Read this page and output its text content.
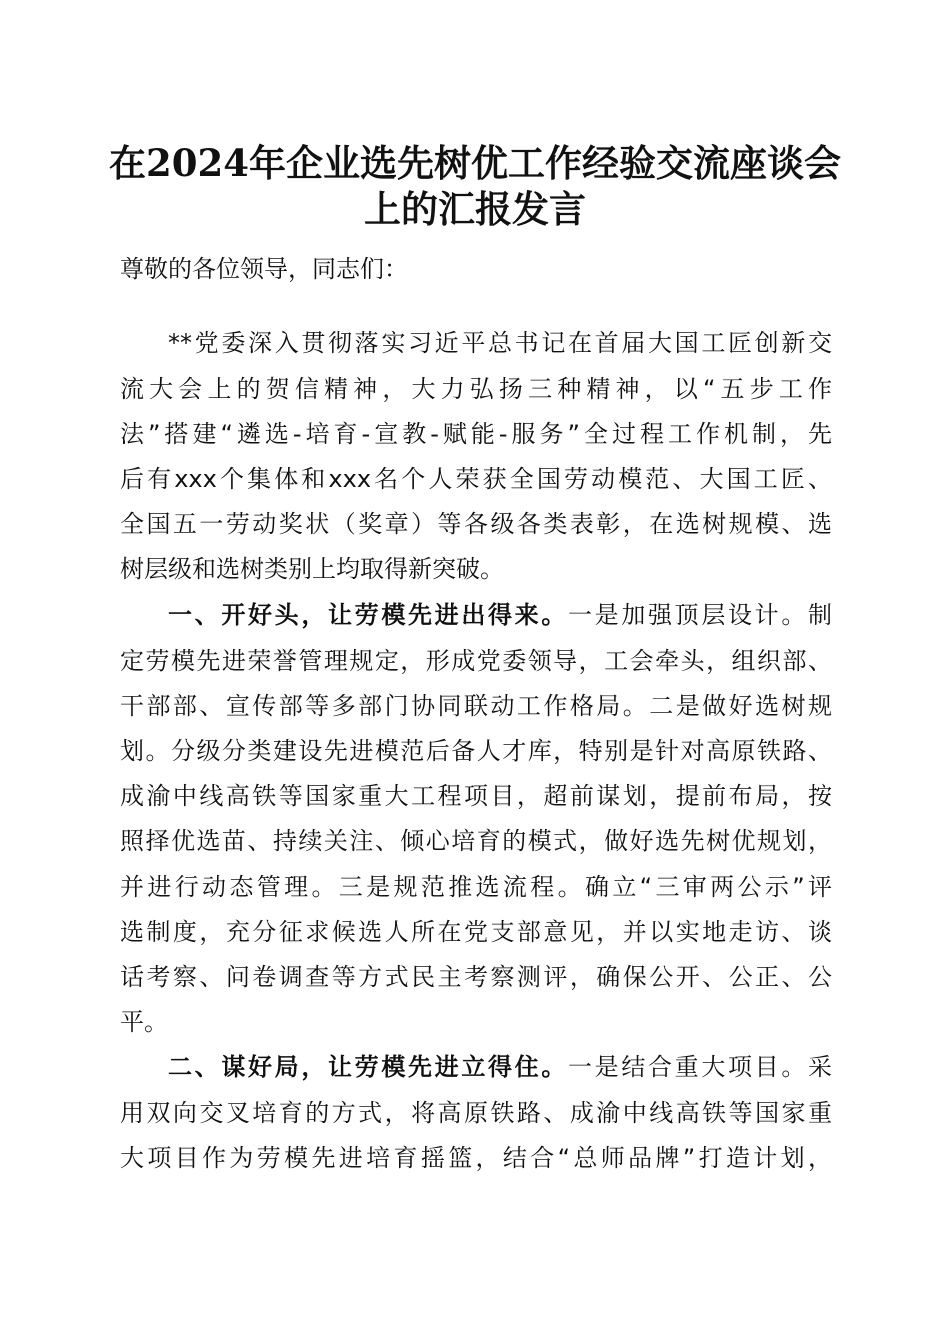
在2024年企业选先树优工作经验交流座谈会
上的汇报发言
尊敬的各位领导，同志们：
**党委深入贯彻落实习近平总书记在首届大国工匠创新交
流大会上的贺信精神，大力弘扬三种精神，以“五步工作
法”搭建“遴选-培育-宣教-赋能-服务”全过程工作机制，先
后有xxx个集体和xxx名个人荣获全国劳动模范、大国工匠、
全国五一劳动奖状（奖章）等各级各类表彰，在选树规模、选
树层级和选树类别上均取得新突破。
一、开好头，让劳模先进出得来。一是加强顶层设计。制
定劳模先进荣誉管理规定，形成党委领导，工会牵头，组织部、
干部部、宣传部等多部门协同联动工作格局。二是做好选树规
划。分级分类建设先进模范后备人才库，特别是针对高原铁路、
成渝中线高铁等国家重大工程项目，超前谋划，提前布局，按
照择优选苗、持续关注、倾心培育的模式，做好选先树优规划，
并进行动态管理。三是规范推选流程。确立“三审两公示”评
选制度，充分征求候选人所在党支部意见，并以实地走访、谈
话考察、问卷调查等方式民主考察测评，确保公开、公正、公
平。
二、谋好局，让劳模先进立得住。一是结合重大项目。采
用双向交叉培育的方式，将高原铁路、成渝中线高铁等国家重
大项目作为劳模先进培育摇篮，结合“总师品牌”打造计划，
